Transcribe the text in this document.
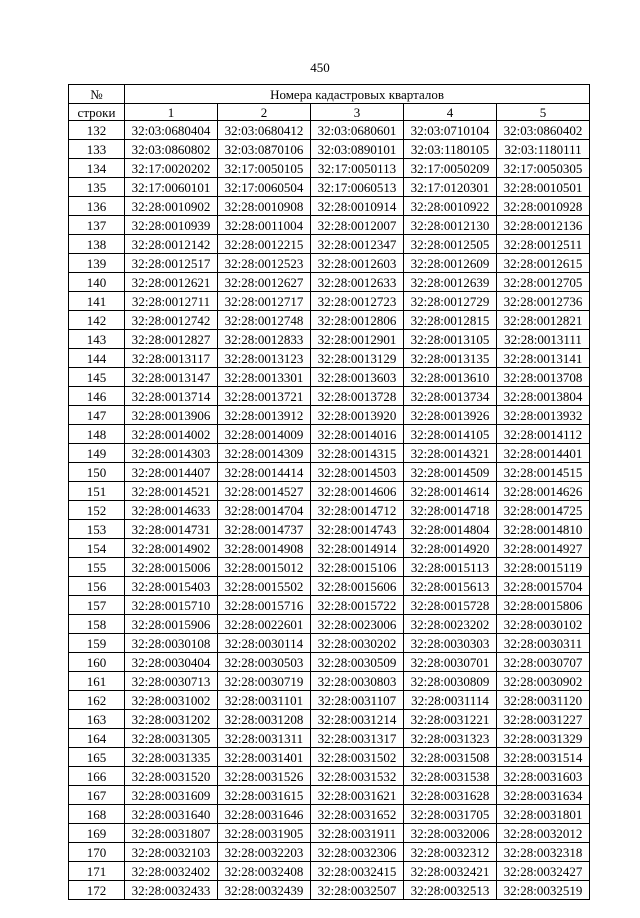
450
№	Номера кадастровых кварталов				
строки	1	2	3	4	5
132	32:03:0680404	32:03:0680412	32:03:0680601	32:03:0710104	32:03:0860402
133	32:03:0860802	32:03:0870106	32:03:0890101	32:03:1180105	32:03:1180111
134	32:17:0020202	32:17:0050105	32:17:0050113	32:17:0050209	32:17:0050305
135	32:17:0060101	32:17:0060504	32:17:0060513	32:17:0120301	32:28:0010501
136	32:28:0010902	32:28:0010908	32:28:0010914	32:28:0010922	32:28:0010928
137	32:28:0010939	32:28:0011004	32:28:0012007	32:28:0012130	32:28:0012136
138	32:28:0012142	32:28:0012215	32:28:0012347	32:28:0012505	32:28:0012511
139	32:28:0012517	32:28:0012523	32:28:0012603	32:28:0012609	32:28:0012615
140	32:28:0012621	32:28:0012627	32:28:0012633	32:28:0012639	32:28:0012705
141	32:28:0012711	32:28:0012717	32:28:0012723	32:28:0012729	32:28:0012736
142	32:28:0012742	32:28:0012748	32:28:0012806	32:28:0012815	32:28:0012821
143	32:28:0012827	32:28:0012833	32:28:0012901	32:28:0013105	32:28:0013111
144	32:28:0013117	32:28:0013123	32:28:0013129	32:28:0013135	32:28:0013141
145	32:28:0013147	32:28:0013301	32:28:0013603	32:28:0013610	32:28:0013708
146	32:28:0013714	32:28:0013721	32:28:0013728	32:28:0013734	32:28:0013804
147	32:28:0013906	32:28:0013912	32:28:0013920	32:28:0013926	32:28:0013932
148	32:28:0014002	32:28:0014009	32:28:0014016	32:28:0014105	32:28:0014112
149	32:28:0014303	32:28:0014309	32:28:0014315	32:28:0014321	32:28:0014401
150	32:28:0014407	32:28:0014414	32:28:0014503	32:28:0014509	32:28:0014515
151	32:28:0014521	32:28:0014527	32:28:0014606	32:28:0014614	32:28:0014626
152	32:28:0014633	32:28:0014704	32:28:0014712	32:28:0014718	32:28:0014725
153	32:28:0014731	32:28:0014737	32:28:0014743	32:28:0014804	32:28:0014810
154	32:28:0014902	32:28:0014908	32:28:0014914	32:28:0014920	32:28:0014927
155	32:28:0015006	32:28:0015012	32:28:0015106	32:28:0015113	32:28:0015119
156	32:28:0015403	32:28:0015502	32:28:0015606	32:28:0015613	32:28:0015704
157	32:28:0015710	32:28:0015716	32:28:0015722	32:28:0015728	32:28:0015806
158	32:28:0015906	32:28:0022601	32:28:0023006	32:28:0023202	32:28:0030102
159	32:28:0030108	32:28:0030114	32:28:0030202	32:28:0030303	32:28:0030311
160	32:28:0030404	32:28:0030503	32:28:0030509	32:28:0030701	32:28:0030707
161	32:28:0030713	32:28:0030719	32:28:0030803	32:28:0030809	32:28:0030902
162	32:28:0031002	32:28:0031101	32:28:0031107	32:28:0031114	32:28:0031120
163	32:28:0031202	32:28:0031208	32:28:0031214	32:28:0031221	32:28:0031227
164	32:28:0031305	32:28:0031311	32:28:0031317	32:28:0031323	32:28:0031329
165	32:28:0031335	32:28:0031401	32:28:0031502	32:28:0031508	32:28:0031514
166	32:28:0031520	32:28:0031526	32:28:0031532	32:28:0031538	32:28:0031603
167	32:28:0031609	32:28:0031615	32:28:0031621	32:28:0031628	32:28:0031634
168	32:28:0031640	32:28:0031646	32:28:0031652	32:28:0031705	32:28:0031801
169	32:28:0031807	32:28:0031905	32:28:0031911	32:28:0032006	32:28:0032012
170	32:28:0032103	32:28:0032203	32:28:0032306	32:28:0032312	32:28:0032318
171	32:28:0032402	32:28:0032408	32:28:0032415	32:28:0032421	32:28:0032427
172	32:28:0032433	32:28:0032439	32:28:0032507	32:28:0032513	32:28:0032519
